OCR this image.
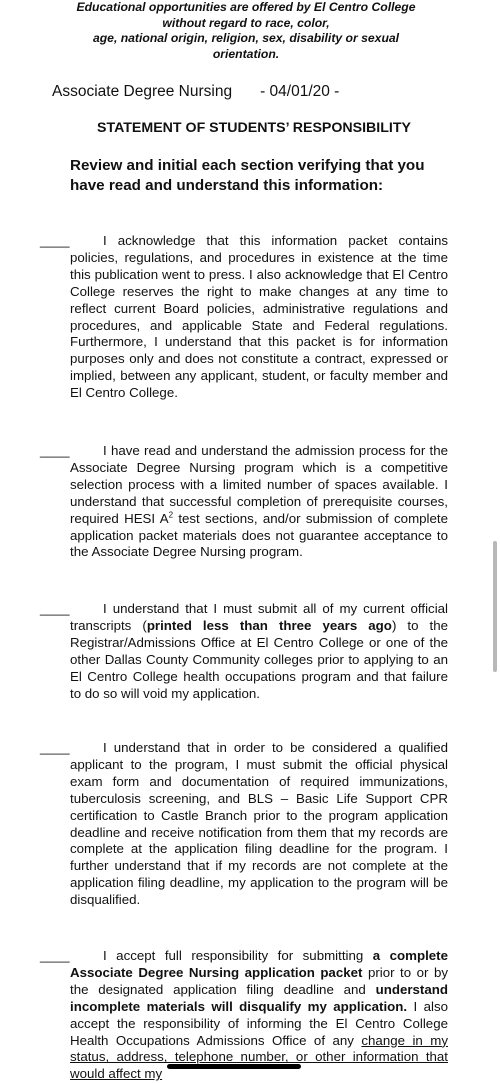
Educational opportunities are offered by El Centro College
without regard to race, color,
age, national origin, religion, sex, disability or sexual
orientation.
Associate Degree Nursing - 04/01/20 -
STATEMENT OF STUDENTS’ RESPONSIBILITY
Review and initial each section verifying that you have read and understand this information:
____	I acknowledge that this information packet contains policies, regulations, and procedures in existence at the time this publication went to press. I also acknowledge that El Centro College reserves the right to make changes at any time to reflect current Board policies, administrative regulations and procedures, and applicable State and Federal regulations. Furthermore, I understand that this packet is for information purposes only and does not constitute a contract, expressed or implied, between any applicant, student, or faculty member and El Centro College.
____	I have read and understand the admission process for the Associate Degree Nursing program which is a competitive selection process with a limited number of spaces available. I understand that successful completion of prerequisite courses, required HESI $A^2$ test sections, and/or submission of complete application packet materials does not guarantee acceptance to the Associate Degree Nursing program.
____	I understand that I must submit all of my current official transcripts (printed less than three years ago) to the Registrar/Admissions Office at El Centro College or one of the other Dallas County Community colleges prior to applying to an El Centro College health occupations program and that failure to do so will void my application.
____	I understand that in order to be considered a qualified applicant to the program, I must submit the official physical exam form and documentation of required immunizations, tuberculosis screening, and BLS – Basic Life Support CPR certification to Castle Branch prior to the program application deadline and receive notification from them that my records are complete at the application filing deadline for the program. I further understand that if my records are not complete at the application filing deadline, my application to the program will be disqualified.
____	I accept full responsibility for submitting a complete Associate Degree Nursing application packet prior to or by the designated application filing deadline and understand incomplete materials will disqualify my application. I also accept the responsibility of informing the El Centro College Health Occupations Admissions Office of any change in my status, address, telephone number, or other information that would affect my
